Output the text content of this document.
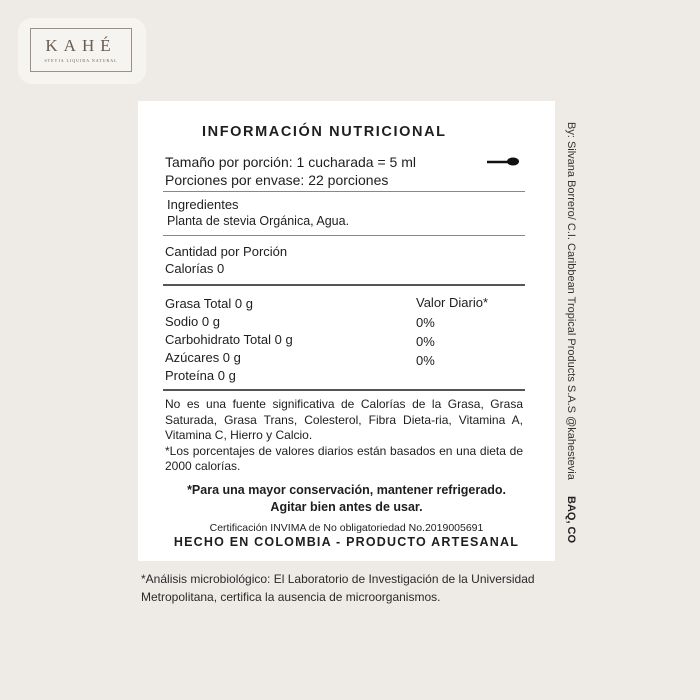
KAHÉ
STEVIA LIQUIDA NATURAL
INFORMACIÓN NUTRICIONAL
Tamaño por porción: 1 cucharada = 5 ml
Porciones por envase: 22 porciones
Ingredientes
Planta de stevia Orgánica, Agua.
Cantidad por Porción
Calorías 0
Grasa Total 0 g
Sodio 0 g
Carbohidrato Total 0 g
Azúcares 0 g
Proteína 0 g
Valor Diario*
0%
0%
0%
No es una fuente significativa de Calorías de la Grasa, Grasa Saturada, Grasa Trans, Colesterol, Fibra Dieta-ria, Vitamina A, Vitamina C, Hierro y Calcio.
*Los porcentajes de valores diarios están basados en una dieta de 2000 calorías.
*Para una mayor conservación, mantener refrigerado.
Agitar bien antes de usar.
Certificación INVIMA de No obligatoriedad No.2019005691
HECHO EN COLOMBIA - PRODUCTO ARTESANAL
By: Silvana Borrero/ C.I. Caribbean Tropical Products S.A.S @kahestevia
BAQ, CO
*Análisis microbiológico: El Laboratorio de Investigación de la Universidad Metropolitana, certifica la ausencia de microorganismos.
